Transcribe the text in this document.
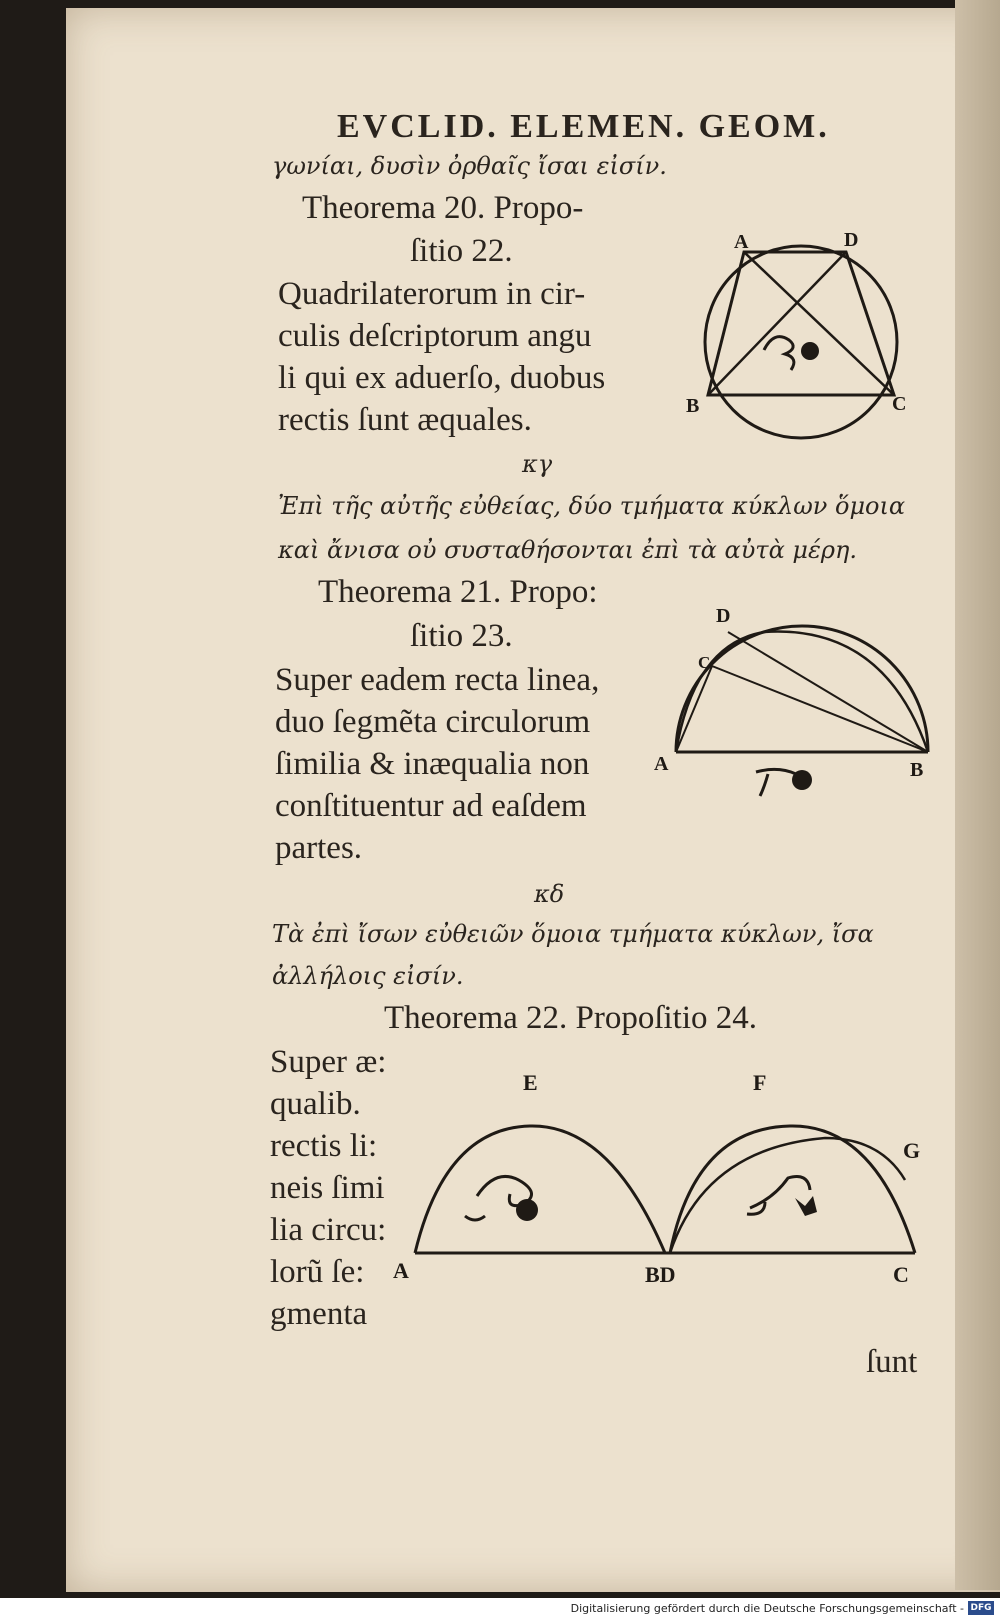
EVCLID. ELEMEN. GEOM.
γωνίαι, δυσὶν ὀρθαῖς ἴσαι εἰσίν.
Theorema 20. Propo-
ſitio 22.
Quadrilaterorum in cir-
culis deſcriptorum angu
li qui ex aduerſo, duobus
rectis ſunt æquales.
A	D
B	C
κγ
Ἐπὶ τῆς αὐτῆς εὐθείας, δύο τμήματα κύκλων ὅμοια
καὶ ἄνισα οὐ συσταθήσονται ἐπὶ τὰ αὐτὰ μέρη.
Theorema 21. Propo:
ſitio 23.
Super eadem recta linea,
duo ſegmẽta circulorum
ſimilia & inæqualia non
conſtituentur ad eaſdem
partes.
D
C
A	B
κδ
Τὰ ἐπὶ ἴσων εὐθειῶν ὅμοια τμήματα κύκλων, ἴσα
ἀλλήλοις εἰσίν.
Theorema 22. Propoſitio 24.
Super æ:
qualib.
rectis li:
neis ſimi
lia circu:
lorũ ſe:
gmenta
E	F
G
A	BD	C
ſunt
Digitalisierung gefördert durch die Deutsche Forschungsgemeinschaft - DFG
